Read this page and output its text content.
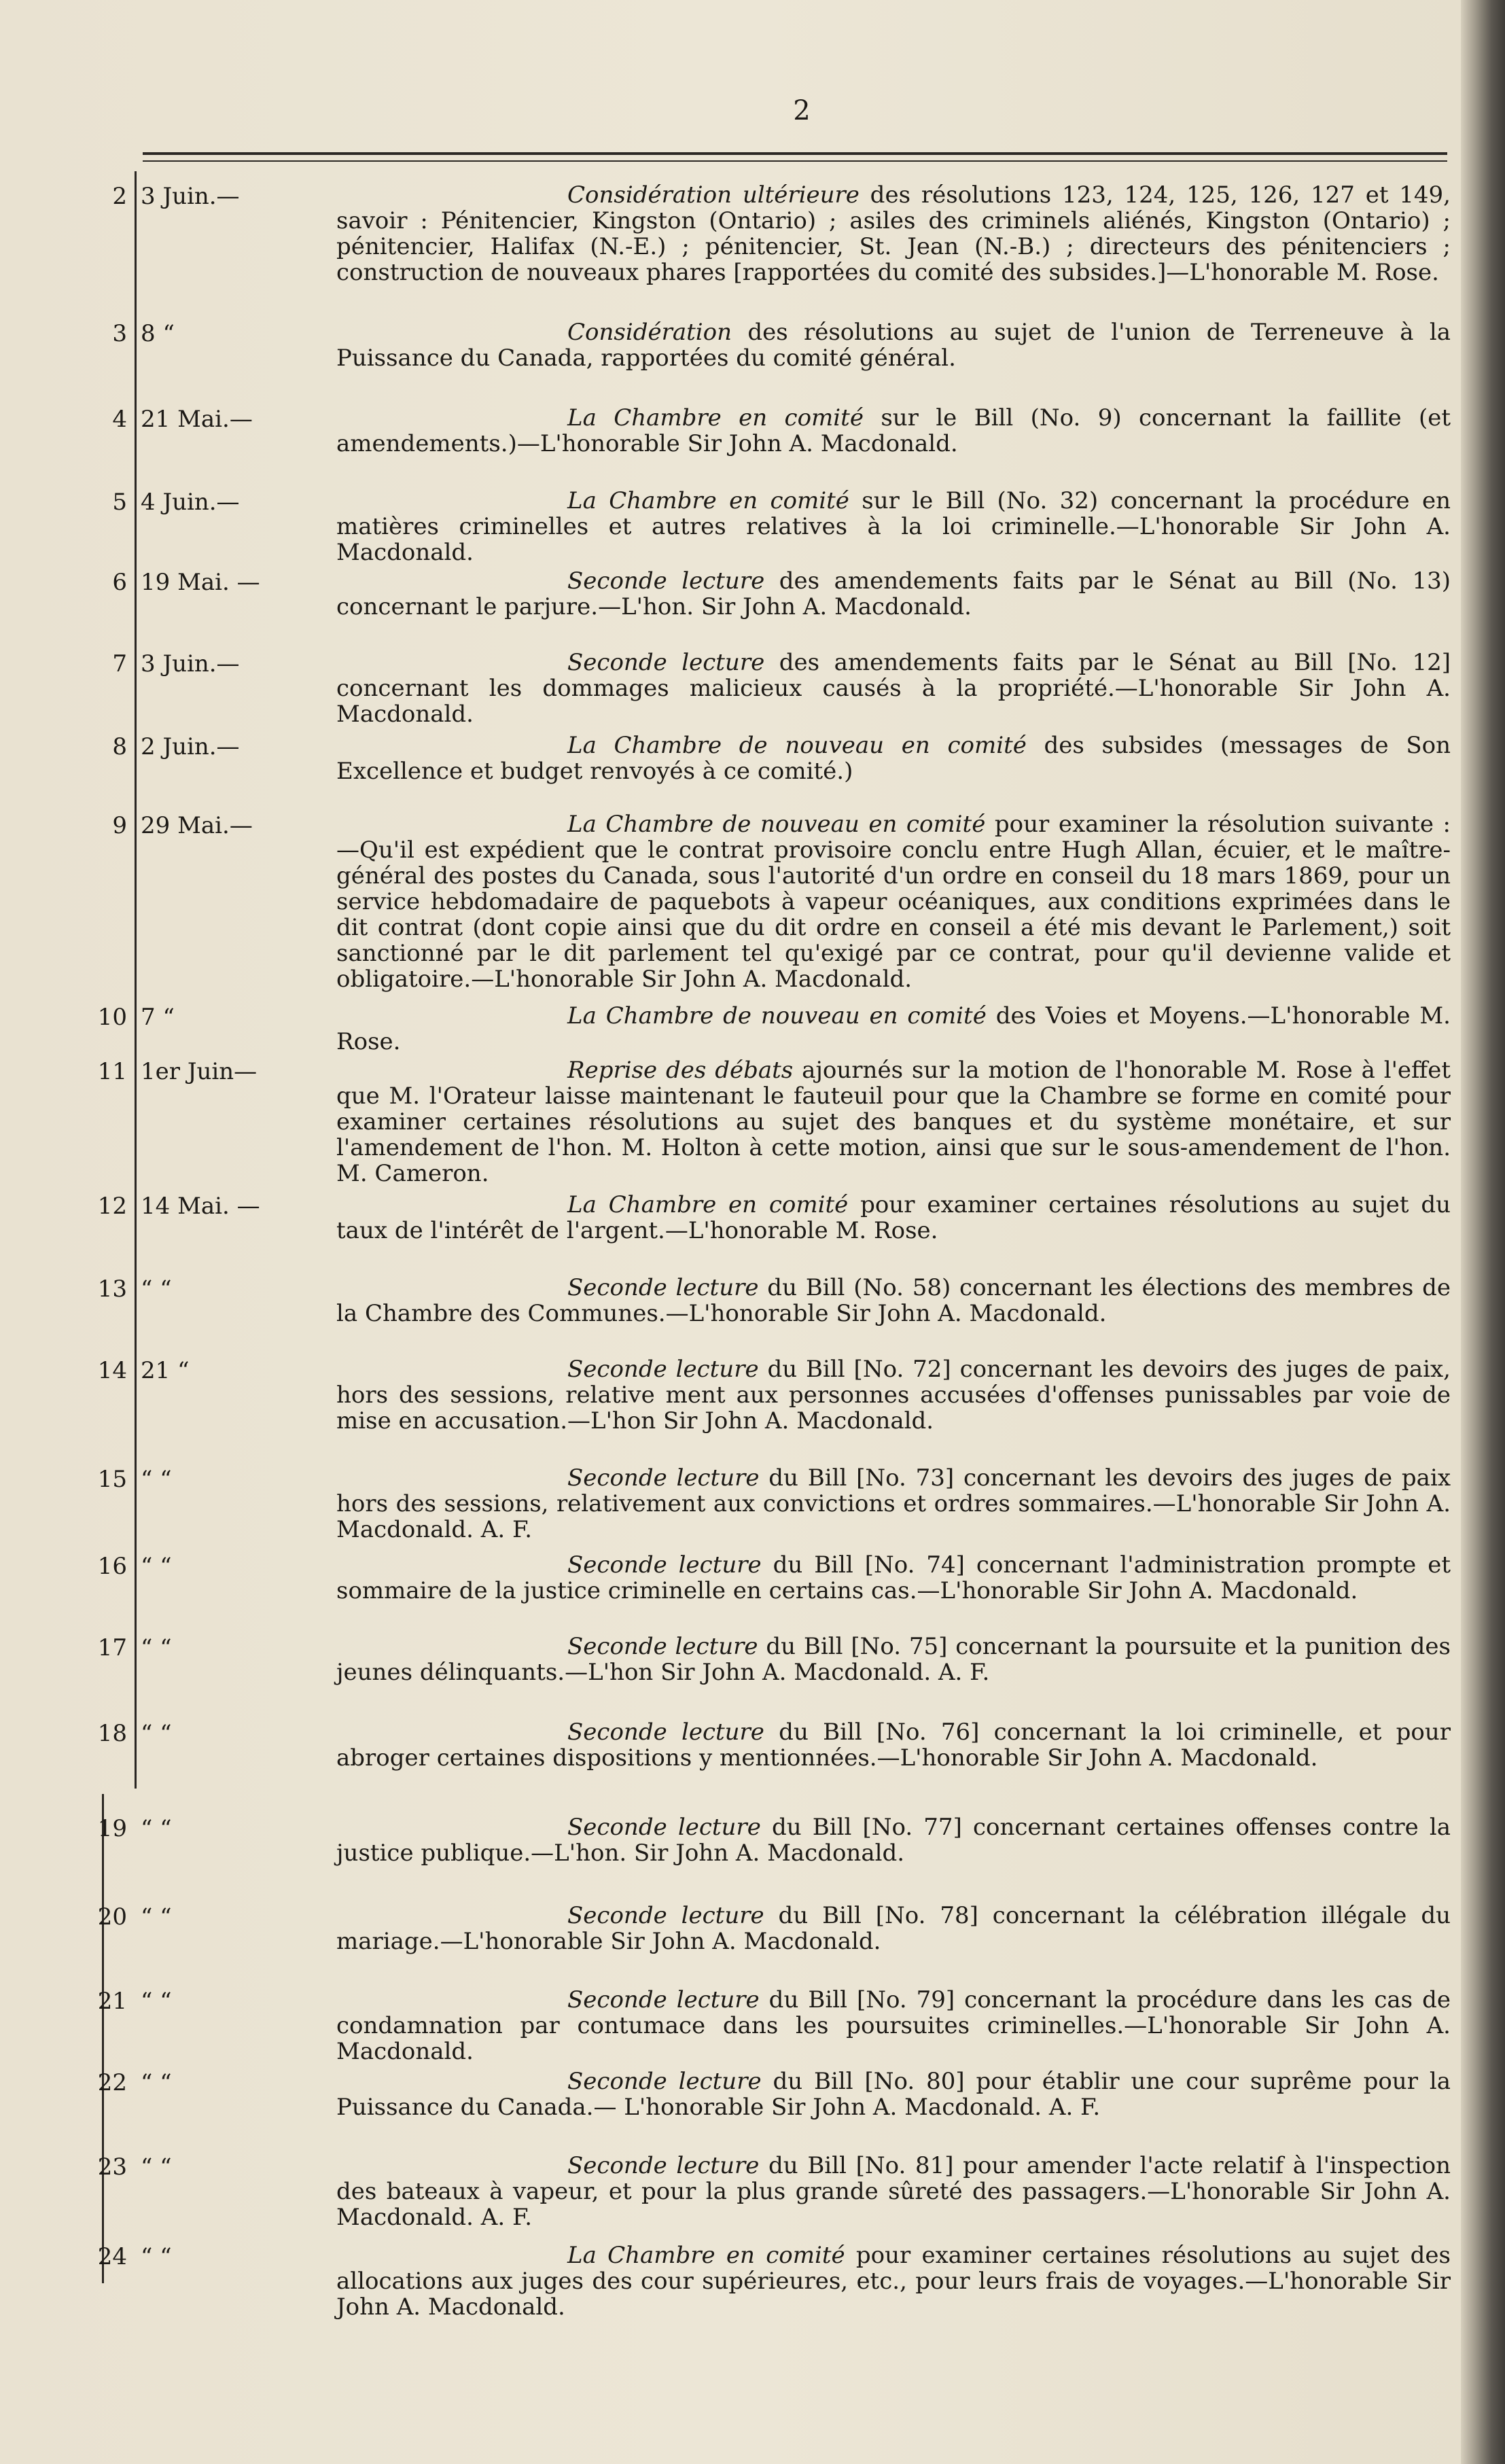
2
2 3 Juin.—	Considération ultérieure des résolutions 123, 124, 125, 126, 127 et 149, savoir : Pénitencier, Kingston (Ontario) ; asiles des criminels aliénés, Kingston (Ontario) ; pénitencier, Halifax (N.-E.) ; pénitencier, St. Jean (N.-B.) ; directeurs des pénitenciers ; construction de nouveaux phares [rapportées du comité des subsides.]—L'honorable M. Rose.
3 8 “	Considération des résolutions au sujet de l'union de Terreneuve à la Puissance du Canada, rapportées du comité général.
4 21 Mai.—	La Chambre en comité sur le Bill (No. 9) concernant la faillite (et amendements.)—L'honorable Sir John A. Macdonald.
5 4 Juin.—	La Chambre en comité sur le Bill (No. 32) concernant la procédure en matières criminelles et autres relatives à la loi criminelle.—L'honorable Sir John A. Macdonald.
6 19 Mai. —	Seconde lecture des amendements faits par le Sénat au Bill (No. 13) concernant le parjure.—L'hon. Sir John A. Macdonald.
7 3 Juin.—	Seconde lecture des amendements faits par le Sénat au Bill [No. 12] concernant les dommages malicieux causés à la propriété.—L'honorable Sir John A. Macdonald.
8 2 Juin.—	La Chambre de nouveau en comité des subsides (messages de Son Excellence et budget renvoyés à ce comité.)
9 29 Mai.—	La Chambre de nouveau en comité pour examiner la résolution suivante :—Qu'il est expédient que le contrat provisoire conclu entre Hugh Allan, écuier, et le maître-général des postes du Canada, sous l'autorité d'un ordre en conseil du 18 mars 1869, pour un service hebdomadaire de paquebots à vapeur océaniques, aux conditions exprimées dans le dit contrat (dont copie ainsi que du dit ordre en conseil a été mis devant le Parlement,) soit sanctionné par le dit parlement tel qu'exigé par ce contrat, pour qu'il devienne valide et obligatoire.—L'honorable Sir John A. Macdonald.
10 7 “	La Chambre de nouveau en comité des Voies et Moyens.—L'honorable M. Rose.
11 1er Juin—	Reprise des débats ajournés sur la motion de l'honorable M. Rose à l'effet que M. l'Orateur laisse maintenant le fauteuil pour que la Chambre se forme en comité pour examiner certaines résolutions au sujet des banques et du système monétaire, et sur l'amendement de l'hon. M. Holton à cette motion, ainsi que sur le sous-amendement de l'hon. M. Cameron.
12 14 Mai. —	La Chambre en comité pour examiner certaines résolutions au sujet du taux de l'intérêt de l'argent.—L'honorable M. Rose.
13 “ “	Seconde lecture du Bill (No. 58) concernant les élections des membres de la Chambre des Communes.—L'honorable Sir John A. Macdonald.
14 21 “	Seconde lecture du Bill [No. 72] concernant les devoirs des juges de paix, hors des sessions, relative ment aux personnes accusées d'offenses punissables par voie de mise en accusation.—L'hon Sir John A. Macdonald.
15 “ “	Seconde lecture du Bill [No. 73] concernant les devoirs des juges de paix hors des sessions, relativement aux convictions et ordres sommaires.—L'honorable Sir John A. Macdonald. A. F.
16 “ “	Seconde lecture du Bill [No. 74] concernant l'administration prompte et sommaire de la justice criminelle en certains cas.—L'honorable Sir John A. Macdonald.
17 “ “	Seconde lecture du Bill [No. 75] concernant la poursuite et la punition des jeunes délinquants.—L'hon Sir John A. Macdonald. A. F.
18 “ “	Seconde lecture du Bill [No. 76] concernant la loi criminelle, et pour abroger certaines dispositions y mentionnées.—L'honorable Sir John A. Macdonald.
19 “ “	Seconde lecture du Bill [No. 77] concernant certaines offenses contre la justice publique.—L'hon. Sir John A. Macdonald.
20 “ “	Seconde lecture du Bill [No. 78] concernant la célébration illégale du mariage.—L'honorable Sir John A. Macdonald.
21 “ “	Seconde lecture du Bill [No. 79] concernant la procédure dans les cas de condamnation par contumace dans les poursuites criminelles.—L'honorable Sir John A. Macdonald.
22 “ “	Seconde lecture du Bill [No. 80] pour établir une cour suprême pour la Puissance du Canada.— L'honorable Sir John A. Macdonald. A. F.
23 “ “	Seconde lecture du Bill [No. 81] pour amender l'acte relatif à l'inspection des bateaux à vapeur, et pour la plus grande sûreté des passagers.—L'honorable Sir John A. Macdonald. A. F.
24 “ “	La Chambre en comité pour examiner certaines résolutions au sujet des allocations aux juges des cour supérieures, etc., pour leurs frais de voyages.—L'honorable Sir John A. Macdonald.
